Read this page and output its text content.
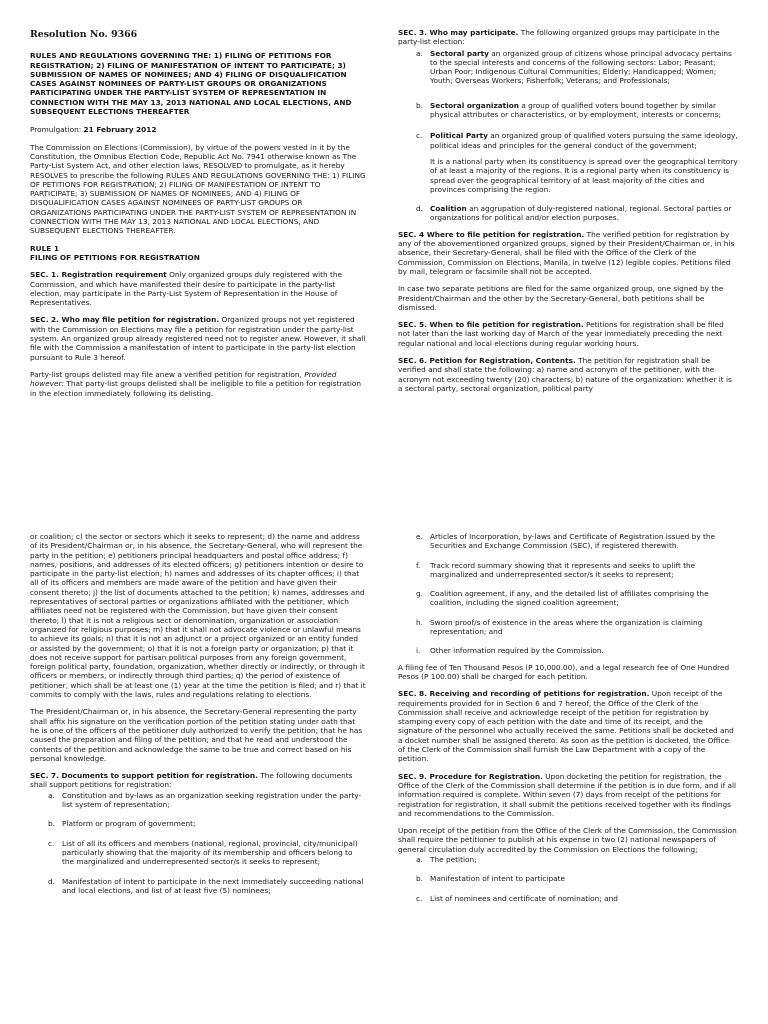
Resolution No. 9366

RULES AND REGULATIONS GOVERNING THE: 1) FILING OF PETITIONS FOR REGISTRATION; 2) FILING OF MANIFESTATION OF INTENT TO PARTICIPATE; 3) SUBMISSION OF NAMES OF NOMINEES; AND 4) FILING OF DISQUALIFICATION CASES AGAINST NOMINEES OF PARTY-LIST GROUPS OR ORGANIZATIONS PARTICIPATING UNDER THE PARTY-LIST SYSTEM OF REPRESENTATION IN CONNECTION WITH THE MAY 13, 2013 NATIONAL AND LOCAL ELECTIONS, AND SUBSEQUENT ELECTIONS THEREAFTER

Promulgation: 21 February 2012

The Commission on Elections (Commission), by virtue of the powers vested in it by the Constitution, the Omnibus Election Code, Republic Act No. 7941 otherwise known as The Party-List System Act, and other election laws, RESOLVED to promulgate, as it hereby RESOLVES to prescribe the following RULES AND REGULATIONS GOVERNING THE: 1) FILING OF PETITIONS FOR REGISTRATION; 2) FILING OF MANIFESTATION OF INTENT TO PARTICIPATE; 3) SUBMISSION OF NAMES OF NOMINEES; AND 4) FILING OF DISQUALIFICATION CASES AGAINST NOMINEES OF PARTY-LIST GROUPS OR ORGANIZATIONS PARTICIPATING UNDER THE PARTY-LIST SYSTEM OF REPRESENTATION IN CONNECTION WITH THE MAY 13, 2013 NATIONAL AND LOCAL ELECTIONS, AND SUBSEQUENT ELECTIONS THEREAFTER.

RULE 1
FILING OF PETITIONS FOR REGISTRATION

SEC. 1. Registration requirement Only organized groups duly registered with the Commission, and which have manifested their desire to participate in the party-list election, may participate in the Party-List System of Representation in the House of Representatives.

SEC. 2. Who may file petition for registration. Organized groups not yet registered with the Commission on Elections may file a petition for registration under the party-list system. An organized group already registered need not to register anew. However, it shall file with the Commission a manifestation of intent to participate in the party-list election pursuant to Rule 3 hereof.

Party-list groups delisted may file anew a verified petition for registration, Provided however: That party-list groups delisted shall be ineligible to file a petition for registration in the election immediately following its delisting.

SEC. 3. Who may participate. The following organized groups may participate in the party-list election:

a. Sectoral party an organized group of citizens whose principal advocacy pertains to the special interests and concerns of the following sectors: Labor; Peasant; Urban Poor; Indigenous Cultural Communities; Elderly; Handicapped; Women; Youth; Overseas Workers; Fisherfolk; Veterans; and Professionals;
b. Sectoral organization a group of qualified voters bound together by similar physical attributes or characteristics, or by employment, interests or concerns;
c.	Political Party an organized group of qualified voters pursuing the same ideology, political ideas and principles for the general conduct of the government;
It is a national party when its constituency is spread over the geographical territory of at least a majority of the regions. It is a regional party when its constituency is spread over the geographical territory of at least majority of the cities and provinces comprising the region.
d. Coalition an aggrupation of duly-registered national, regional. Sectoral parties or organizations for political and/or election purposes.

SEC. 4 Where to file petition for registration. The verified petition for registration by any of the abovementioned organized groups, signed by their President/Chairman or, in his absence, their Secretary-General, shall be filed with the Office of the Clerk of the Commission, Commission on Elections, Manila, in twelve (12) legible copies. Petitions filed by mail, telegram or facsimile shall not be accepted.

In case two separate petitions are filed for the same organized group, one signed by the President/Chairman and the other by the Secretary-General, both petitions shall be dismissed.

SEC. 5. When to file petition for registration. Petitions for registration shall be filed not later than the last working day of March of the year immediately preceding the next regular national and local elections during regular working hours.

SEC. 6. Petition for Registration, Contents. The petition for registration shall be verified and shall state the following: a) name and acronym of the petitioner, with the acronym not exceeding twenty (20) characters; b) nature of the organization: whether it is a sectoral party, sectoral organization, political party

or coalition; c) the sector or sectors which it seeks to represent; d) the name and address of its President/Chairman or, in his absence, the Secretary-General, who will represent the party in the petition; e) petitioners principal headquarters and postal office address; f) names, positions, and addresses of its elected officers; g) petitioners intention or desire to participate in the party-list election; h) names and addresses of its chapter offices; i) that all of its officers and members are made aware of the petition and have given their consent thereto; j) the list of documents attached to the petition; k) names, addresses and representatives of sectoral parties or organizations affiliated with the petitioner, which affiliates need not be registered with the Commission, but have given their consent thereto; l) that it is not a religious sect or denomination, organization or association organized for religious purposes; m) that it shall not advocate violence or unlawful means to achieve its goals; n) that it is not an adjunct or a project organized or an entity funded or assisted by the government; o) that it is not a foreign party or organization; p) that it does not receive support for partisan political purposes from any foreign government, foreign political party, foundation, organization, whether directly or indirectly, or through it officers or members, or indirectly through third parties; q) the period of existence of petitioner, which shall be at least one (1) year at the time the petition is filed; and r) that it commits to comply with the laws, rules and regulations relating to elections.

The President/Chairman or, in his absence, the Secretary-General representing the party shall affix his signature on the verification portion of the petition stating under oath that he is one of the officers of the petitioner duly authorized to verify the petition; that he has caused the preparation and filing of the petition; and that he read and understood the contents of the petition and acknowledge the same to be true and correct based on his personal knowledge.

SEC. 7. Documents to support petition for registration. The following documents shall support petitions for registration:

a. Constitution and by-laws as an organization seeking registration under the party-list system of representation;
b. Platform or program of government;
c.	List of all its officers and members (national, regional, provincial, city/municipal) particularly showing that the majority of its membership and officers belong to the marginalized and underrepresented sector/s it seeks to represent;
d. Manifestation of intent to participate in the next immediately succeeding national and local elections, and list of at least five (5) nominees;
e. Articles of Incorporation, by-laws and Certificate of Registration issued by the Securities and Exchange Commission (SEC), if registered therewith.
f.	Track record summary showing that it represents and seeks to uplift the marginalized and underrepresented sector/s it seeks to represent;
g. Coalition agreement, if any, and the detailed list of affiliates comprising the coalition, including the signed coalition agreement;
h. Sworn proof/s of existence in the areas where the organization is claiming representation; and
i.	Other information required by the Commission.

A filing fee of Ten Thousand Pesos (P 10,000.00), and a legal research fee of One Hundred Pesos (P 100.00) shall be charged for each petition.

SEC. 8. Receiving and recording of petitions for registration. Upon receipt of the requirements provided for in Section 6 and 7 hereof, the Office of the Clerk of the Commission shall receive and acknowledge receipt of the petition for registration by stamping every copy of each petition with the date and time of its receipt, and the signature of the personnel who actually received the same. Petitions shall be docketed and a docket number shall be assigned thereto. As soon as the petition is docketed, the Office of the Clerk of the Commission shall furnish the Law Department with a copy of the petition.

SEC. 9. Procedure for Registration. Upon docketing the petition for registration, the Office of the Clerk of the Commission shall determine if the petition is in due form, and if all information required is complete. Within seven (7) days from receipt of the petitions for registration for registration, it shall submit the petitions received together with its findings and recommendations to the Commission.

Upon receipt of the petition from the Office of the Clerk of the Commission, the Commission shall require the petitioner to publish at his expense in two (2) national newspapers of general circulation duly accredited by the Commission on Elections the following;

a. The petition;
b. Manifestation of intent to participate
c.	List of nominees and certificate of nomination; and
